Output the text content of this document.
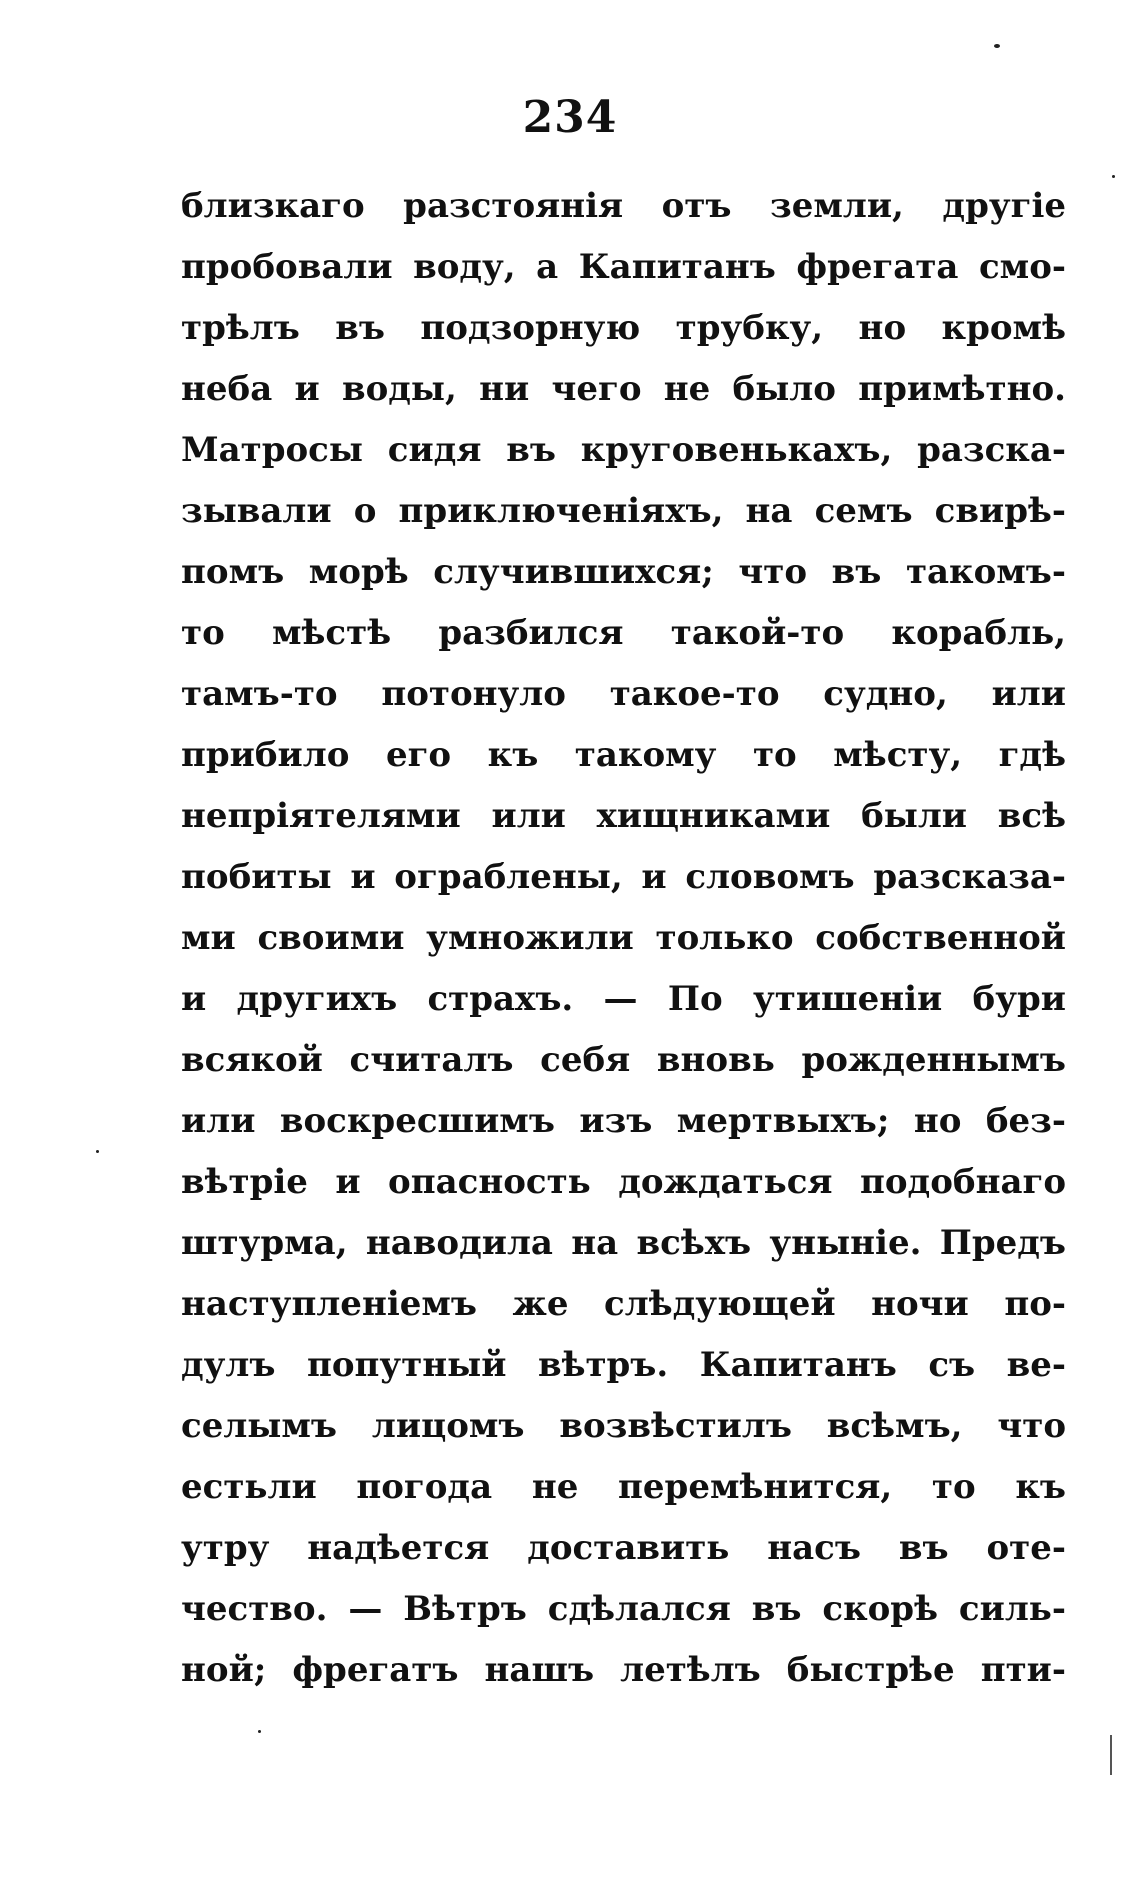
234
близкаго разстоянія отъ земли, другіе
пробовали воду, а Капитанъ фрегата смо-
трѣлъ въ подзорную трубку, но кромѣ
неба и воды, ни чего не было примѣтно.
Матросы сидя въ круговенькахъ, разска-
зывали о приключеніяхъ, на семъ свирѣ-
помъ морѣ случившихся; что въ такомъ-
то мѣстѣ разбился такой-то корабль,
тамъ-то потонуло такое-то судно, или
прибило его къ такому то мѣсту, гдѣ
непріятелями или хищниками были всѣ
побиты и ограблены, и словомъ разсказа-
ми своими умножили только собственной
и другихъ страхъ. — По утишеніи бури
всякой считалъ себя вновь рожденнымъ
или воскресшимъ изъ мертвыхъ; но без-
вѣтріе и опасность дождаться подобнаго
штурма, наводила на всѣхъ уныніе. Предъ
наступленіемъ же слѣдующей ночи по-
дулъ попутный вѣтръ. Капитанъ съ ве-
селымъ лицомъ возвѣстилъ всѣмъ, что
естьли погода не перемѣнится, то къ
утру надѣется доставить насъ въ оте-
чество. — Вѣтръ сдѣлался въ скорѣ силь-
ной; фрегатъ нашъ летѣлъ быстрѣе пти-
